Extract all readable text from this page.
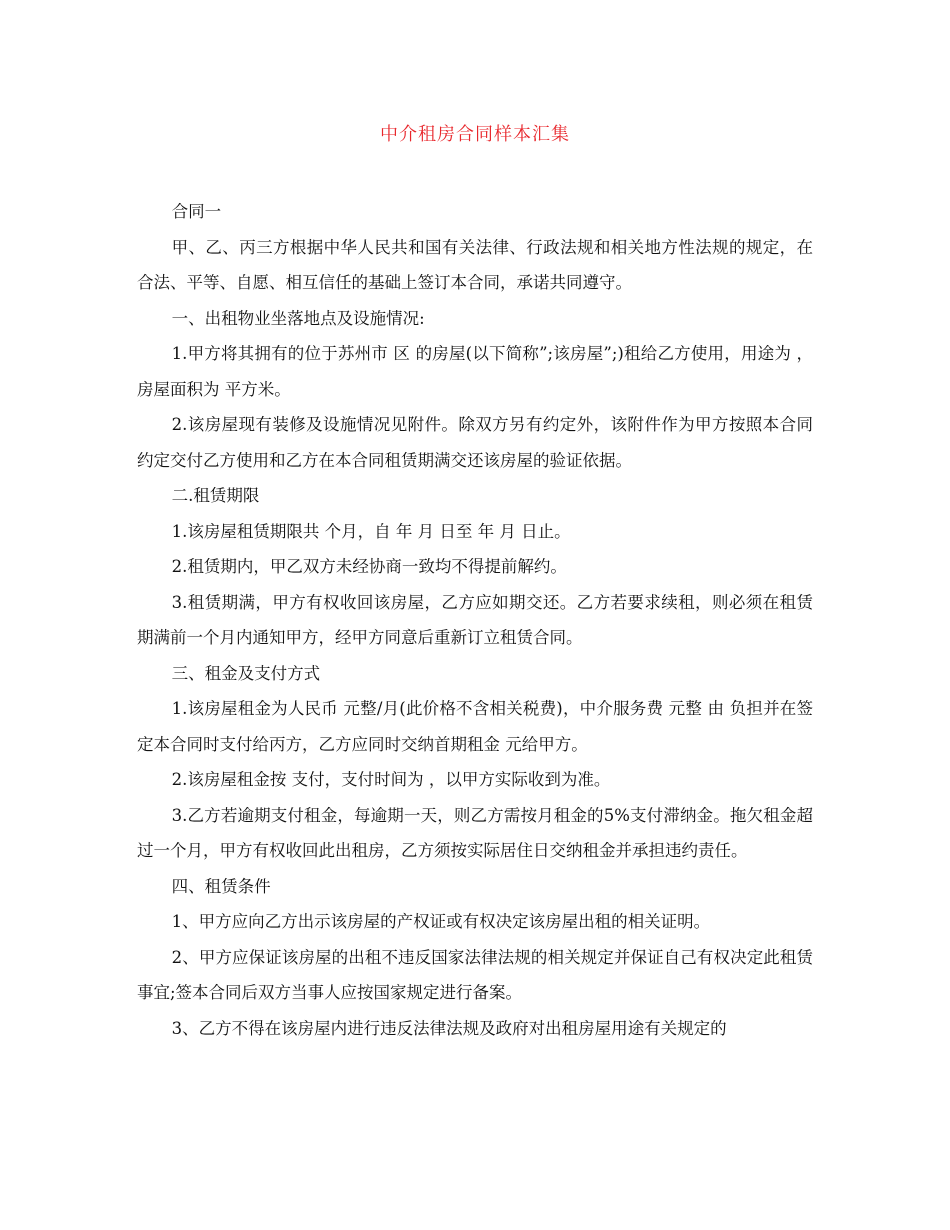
中介租房合同样本汇集

合同一

甲、乙、丙三方根据中华人民共和国有关法律、行政法规和相关地方性法规的规定，在合法、平等、自愿、相互信任的基础上签订本合同，承诺共同遵守。

一、出租物业坐落地点及设施情况:

1.甲方将其拥有的位于苏州市 区 的房屋(以下简称”;该房屋”;)租给乙方使用，用途为 ，房屋面积为 平方米。

2.该房屋现有装修及设施情况见附件。除双方另有约定外，该附件作为甲方按照本合同约定交付乙方使用和乙方在本合同租赁期满交还该房屋的验证依据。

二.租赁期限

1.该房屋租赁期限共 个月，自 年 月 日至 年 月 日止。

2.租赁期内，甲乙双方未经协商一致均不得提前解约。

3.租赁期满，甲方有权收回该房屋，乙方应如期交还。乙方若要求续租，则必须在租赁期满前一个月内通知甲方，经甲方同意后重新订立租赁合同。

三、租金及支付方式

1.该房屋租金为人民币 元整/月(此价格不含相关税费)，中介服务费 元整 由 负担并在签定本合同时支付给丙方，乙方应同时交纳首期租金 元给甲方。

2.该房屋租金按 支付，支付时间为 ，以甲方实际收到为准。

3.乙方若逾期支付租金，每逾期一天，则乙方需按月租金的5%支付滞纳金。拖欠租金超过一个月，甲方有权收回此出租房，乙方须按实际居住日交纳租金并承担违约责任。

四、租赁条件

1、甲方应向乙方出示该房屋的产权证或有权决定该房屋出租的相关证明。

2、甲方应保证该房屋的出租不违反国家法律法规的相关规定并保证自己有权决定此租赁事宜;签本合同后双方当事人应按国家规定进行备案。

3、乙方不得在该房屋内进行违反法律法规及政府对出租房屋用途有关规定的
